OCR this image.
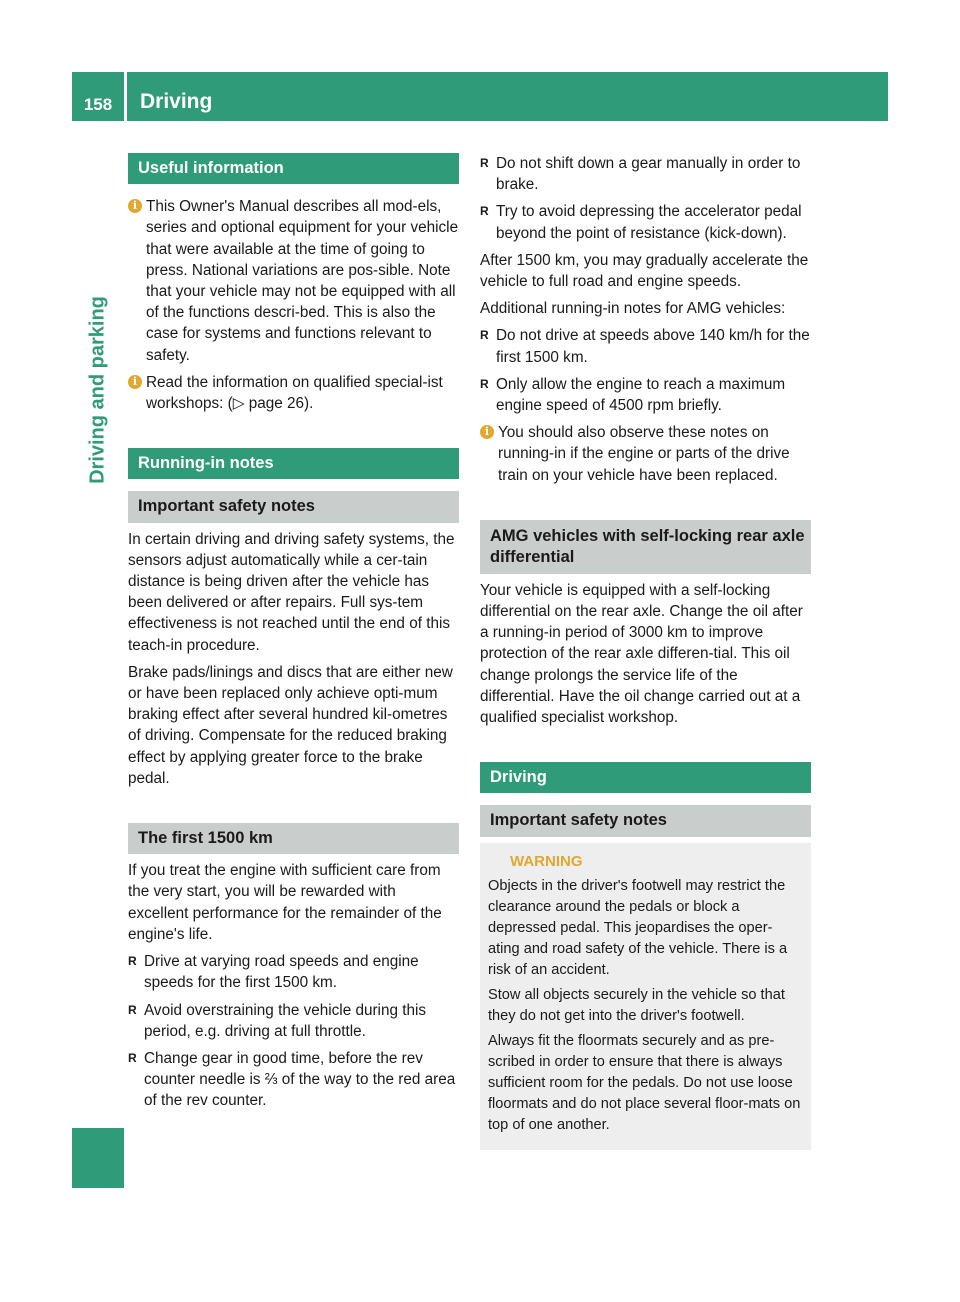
158	Driving
Driving and parking
Useful information
i This Owner's Manual describes all mod-els, series and optional equipment for your vehicle that were available at the time of going to press. National variations are pos-sible. Note that your vehicle may not be equipped with all of the functions descri-bed. This is also the case for systems and functions relevant to safety.
i Read the information on qualified special-ist workshops: (▷ page 26).
Running-in notes
Important safety notes

In certain driving and driving safety systems, the sensors adjust automatically while a cer-tain distance is being driven after the vehicle has been delivered or after repairs. Full sys-tem effectiveness is not reached until the end of this teach-in procedure.

Brake pads/linings and discs that are either new or have been replaced only achieve opti-mum braking effect after several hundred kil-ometres of driving. Compensate for the reduced braking effect by applying greater force to the brake pedal.

The first 1500 km

If you treat the engine with sufficient care from the very start, you will be rewarded with excellent performance for the remainder of the engine's life.

R Drive at varying road speeds and engine speeds for the first 1500 km.
R Avoid overstraining the vehicle during this period, e.g. driving at full throttle.
R Change gear in good time, before the rev counter needle is ⅔ of the way to the red area of the rev counter.
R Do not shift down a gear manually in order to brake.
R Try to avoid depressing the accelerator pedal beyond the point of resistance (kick-down).

After 1500 km, you may gradually accelerate the vehicle to full road and engine speeds.

Additional running-in notes for AMG vehicles:

R Do not drive at speeds above 140 km/h for the first 1500 km.
R Only allow the engine to reach a maximum engine speed of 4500 rpm briefly.
i You should also observe these notes on running-in if the engine or parts of the drive train on your vehicle have been replaced.
AMG vehicles with self-locking rear axle differential

Your vehicle is equipped with a self-locking differential on the rear axle. Change the oil after a running-in period of 3000 km to improve protection of the rear axle differen-tial. This oil change prolongs the service life of the differential. Have the oil change carried out at a qualified specialist workshop.

Driving
Important safety notes
WARNING

Objects in the driver's footwell may restrict the clearance around the pedals or block a depressed pedal. This jeopardises the oper-ating and road safety of the vehicle. There is a risk of an accident.

Stow all objects securely in the vehicle so that they do not get into the driver's footwell.

Always fit the floormats securely and as pre-scribed in order to ensure that there is always sufficient room for the pedals. Do not use loose floormats and do not place several floor-mats on top of one another.
